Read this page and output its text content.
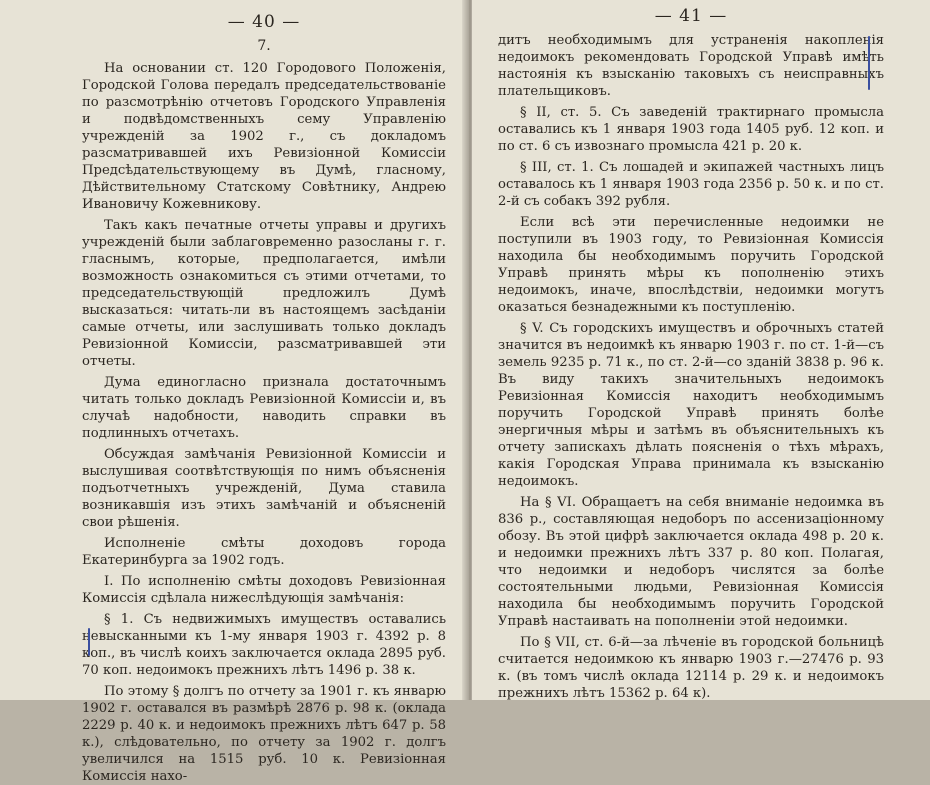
— 40 —
7.

На основании ст. 120 Городового Положенія, Городской Голова передалъ председательствованіе по разсмотрѣнію отчетовъ Городского Управленія и подвѣдомственныхъ сему Управленію учрежденій за 1902 г., съ докладомъ разсматривавшей ихъ Ревизіонной Комиссіи Предсѣдательствующему въ Думѣ, гласному, Дѣйствительному Статскому Совѣтнику, Андрею Ивановичу Кожевникову.

Такъ какъ печатные отчеты управы и другихъ учрежденій были заблаговременно разосланы г. г. гласнымъ, которые, предполагается, имѣли возможность ознакомиться съ этими отчетами, то председательствующій предложилъ Думѣ высказаться: читать-ли въ настоящемъ засѣданіи самые отчеты, или заслушивать только докладъ Ревизіонной Комиссіи, разсматривавшей эти отчеты.

Дума единогласно признала достаточнымъ читать только докладъ Ревизіонной Комиссіи и, въ случаѣ надобности, наводить справки въ подлинныхъ отчетахъ.

Обсуждая замѣчанія Ревизіонной Комиссіи и выслушивая соотвѣтствующія по нимъ объясненія подъотчетныхъ учрежденій, Дума ставила возникавшія изъ этихъ замѣчаній и объясненій свои рѣшенія.

Исполненіе смѣты доходовъ города Екатеринбурга за 1902 годъ.

I. По исполненію смѣты доходовъ Ревизіонная Комиссія сдѣлала нижеслѣдующія замѣчанія:

§ 1. Съ недвижимыхъ имуществъ оставались невысканными къ 1-му января 1903 г. 4392 р. 8 коп., въ числѣ коихъ заключается оклада 2895 руб. 70 коп. недоимокъ прежнихъ лѣтъ 1496 р. 38 к.

По этому § долгъ по отчету за 1901 г. къ январю 1902 г. оставался въ размѣрѣ 2876 р. 98 к. (оклада 2229 р. 40 к. и недоимокъ прежнихъ лѣтъ 647 р. 58 к.), слѣдовательно, по отчету за 1902 г. долгъ увеличился на 1515 руб. 10 к. Ревизіонная Комиссія нахо-

— 41 —

дитъ необходимымъ для устраненія накопленія недоимокъ рекомендовать Городской Управѣ имѣть настоянія къ взысканію таковыхъ съ неисправныхъ плательщиковъ.

§ II, ст. 5. Съ заведеній трактирнаго промысла оставались къ 1 января 1903 года 1405 руб. 12 коп. и по ст. 6 съ извознаго промысла 421 р. 20 к.

§ III, ст. 1. Съ лошадей и экипажей частныхъ лицъ оставалось къ 1 января 1903 года 2356 р. 50 к. и по ст. 2-й съ собакъ 392 рубля.

Если всѣ эти перечисленные недоимки не поступили въ 1903 году, то Ревизіонная Комиссія находила бы необходимымъ поручить Городской Управѣ принять мѣры къ пополненію этихъ недоимокъ, иначе, впослѣдствіи, недоимки могутъ оказаться безнадежными къ поступленію.

§ V. Съ городскихъ имуществъ и оброчныхъ статей значится въ недоимкѣ къ январю 1903 г. по ст. 1-й—съ земель 9235 р. 71 к., по ст. 2-й—со зданій 3838 р. 96 к. Въ виду такихъ значительныхъ недоимокъ Ревизіонная Комиссія находитъ необходимымъ поручить Городской Управѣ принять болѣе энергичныя мѣры и затѣмъ въ объяснительныхъ къ отчету запискахъ дѣлать поясненія о тѣхъ мѣрахъ, какія Городская Управа принимала къ взысканію недоимокъ.

На § VI. Обращаетъ на себя вниманіе недоимка въ 836 р., составляющая недоборъ по ассенизаціонному обозу. Въ этой цифрѣ заключается оклада 498 р. 20 к. и недоимки прежнихъ лѣтъ 337 р. 80 коп. Полагая, что недоимки и недоборъ числятся за болѣе состоятельными людьми, Ревизіонная Комиссія находила бы необходимымъ поручить Городской Управѣ настаивать на пополненіи этой недоимки.

По § VII, ст. 6-й—за лѣченіе въ городской больницѣ считается недоимкою къ январю 1903 г.—27476 р. 93 к. (въ томъ числѣ оклада 12114 р. 29 к. и недоимокъ прежнихъ лѣтъ 15362 р. 64 к).
